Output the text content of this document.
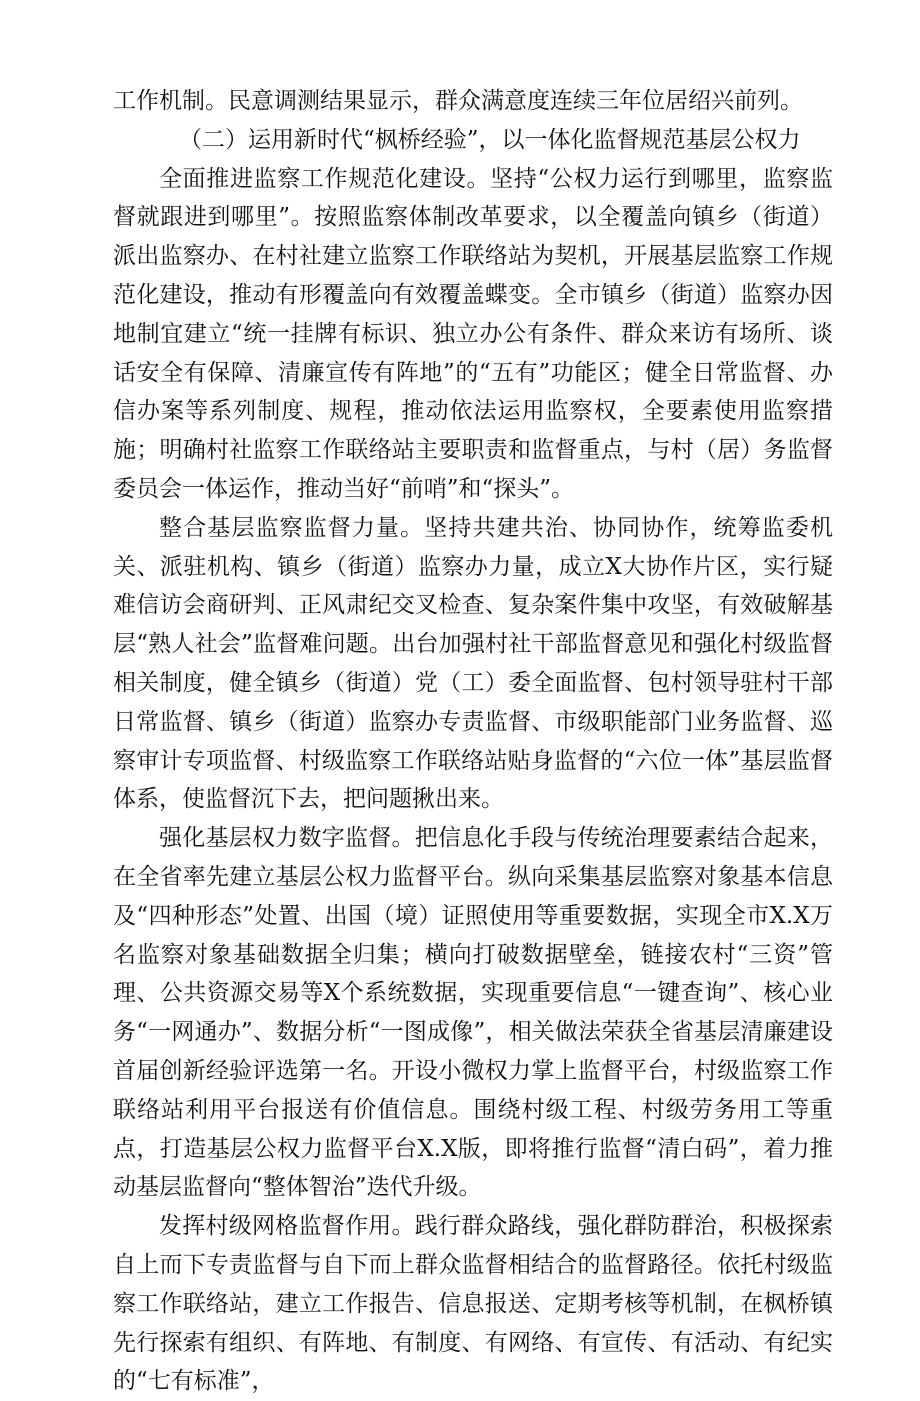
工作机制。民意调测结果显示，群众满意度连续三年位居绍兴前列。

（二）运用新时代“枫桥经验”，以一体化监督规范基层公权力

全面推进监察工作规范化建设。坚持“公权力运行到哪里，监察监督就跟进到哪里”。按照监察体制改革要求，以全覆盖向镇乡（街道）派出监察办、在村社建立监察工作联络站为契机，开展基层监察工作规范化建设，推动有形覆盖向有效覆盖蝶变。全市镇乡（街道）监察办因地制宜建立“统一挂牌有标识、独立办公有条件、群众来访有场所、谈话安全有保障、清廉宣传有阵地”的“五有”功能区；健全日常监督、办信办案等系列制度、规程，推动依法运用监察权，全要素使用监察措施；明确村社监察工作联络站主要职责和监督重点，与村（居）务监督委员会一体运作，推动当好“前哨”和“探头”。

整合基层监察监督力量。坚持共建共治、协同协作，统筹监委机关、派驻机构、镇乡（街道）监察办力量，成立X大协作片区，实行疑难信访会商研判、正风肃纪交叉检查、复杂案件集中攻坚，有效破解基层“熟人社会”监督难问题。出台加强村社干部监督意见和强化村级监督相关制度，健全镇乡（街道）党（工）委全面监督、包村领导驻村干部日常监督、镇乡（街道）监察办专责监督、市级职能部门业务监督、巡察审计专项监督、村级监察工作联络站贴身监督的“六位一体”基层监督体系，使监督沉下去，把问题揪出来。

强化基层权力数字监督。把信息化手段与传统治理要素结合起来，在全省率先建立基层公权力监督平台。纵向采集基层监察对象基本信息及“四种形态”处置、出国（境）证照使用等重要数据，实现全市X.X万名监察对象基础数据全归集；横向打破数据壁垒，链接农村“三资”管理、公共资源交易等X个系统数据，实现重要信息“一键查询”、核心业务“一网通办”、数据分析“一图成像”，相关做法荣获全省基层清廉建设首届创新经验评选第一名。开设小微权力掌上监督平台，村级监察工作联络站利用平台报送有价值信息。围绕村级工程、村级劳务用工等重点，打造基层公权力监督平台X.X版，即将推行监督“清白码”，着力推动基层监督向“整体智治”迭代升级。

发挥村级网格监督作用。践行群众路线，强化群防群治，积极探索自上而下专责监督与自下而上群众监督相结合的监督路径。依托村级监察工作联络站，建立工作报告、信息报送、定期考核等机制，在枫桥镇先行探索有组织、有阵地、有制度、有网络、有宣传、有活动、有纪实的“七有标准”，
